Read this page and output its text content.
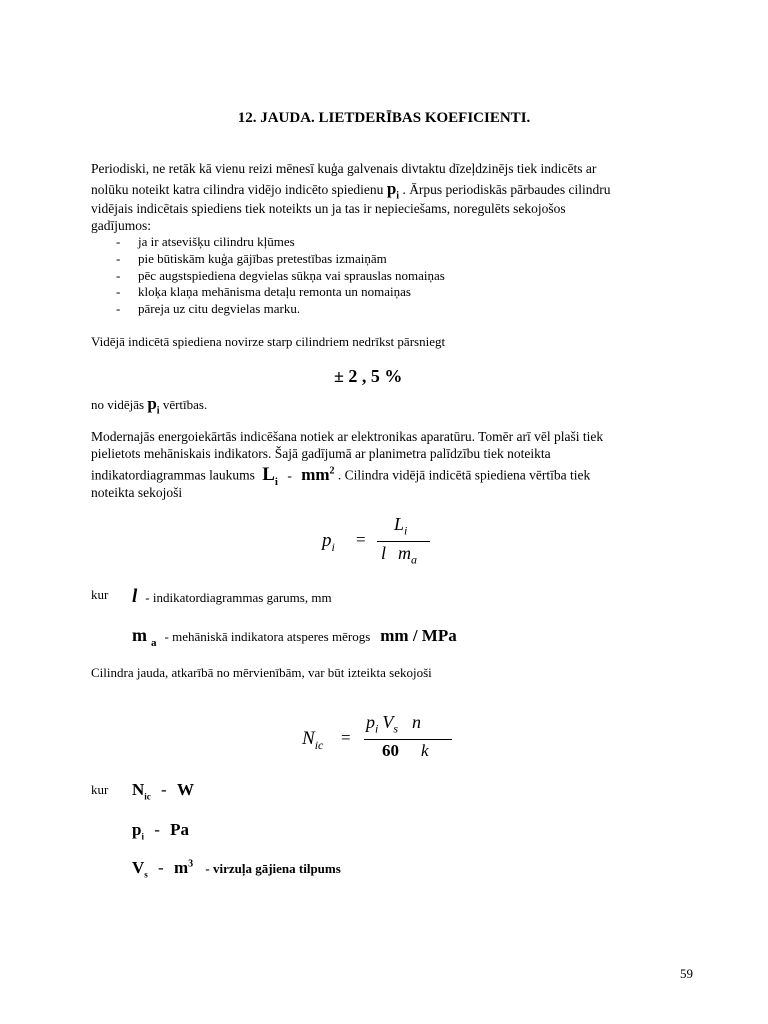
12. JAUDA. LIETDERĪBAS KOEFICIENTI.
Periodiski, ne retāk kā vienu reizi mēnesī kuģa galvenais divtaktu dīzeļdzinējs tiek indicēts ar
nolūku noteikt katra cilindra vidējo indicēto spiedienu $p_i$ . Ārpus periodiskās pārbaudes cilindru
vidējais indicētais spiediens tiek noteikts un ja tas ir nepieciešams, noregulēts sekojošos
gadījumos:
- ja ir atsevišķu cilindru kļūmes
- pie būtiskām kuģa gājības pretestības izmaiņām
- pēc augstspiediena degvielas sūkņa vai sprauslas nomaiņas
- kloķa klaņa mehānisma detaļu remonta un nomaiņas
- pāreja uz citu degvielas marku.
Vidējā indicētā spiediena novirze starp cilindriem nedrīkst pārsniegt
± 2 , 5 %
no vidējās $p_i$ vērtības.
Modernajās energoiekārtās indicēšana notiek ar elektronikas aparatūru. Tomēr arī vēl plaši tiek
pielietots mehāniskais indikators. Šajā gadījumā ar planimetra palīdzību tiek noteikta
indikatordiagrammas laukums $L_i - mm^2$ . Cilindra vidējā indicētā spiediena vērtība tiek
noteikta sekojoši
$p_i$ =
$L_i$
l $m_a$
kur l - indikatordiagrammas garums, mm
m $_a$ - mehāniskā indikatora atsperes mērogs mm / MPa
Cilindra jauda, atkarībā no mērvienībām, var būt izteikta sekojoši
$N_{ic}$ =
$p_i$ $V_s$ n
60 k
kur $N_{ic}$ - W
$p_i$ - Pa
$V_s - m^3$ - virzuļa gājiena tilpums
59
